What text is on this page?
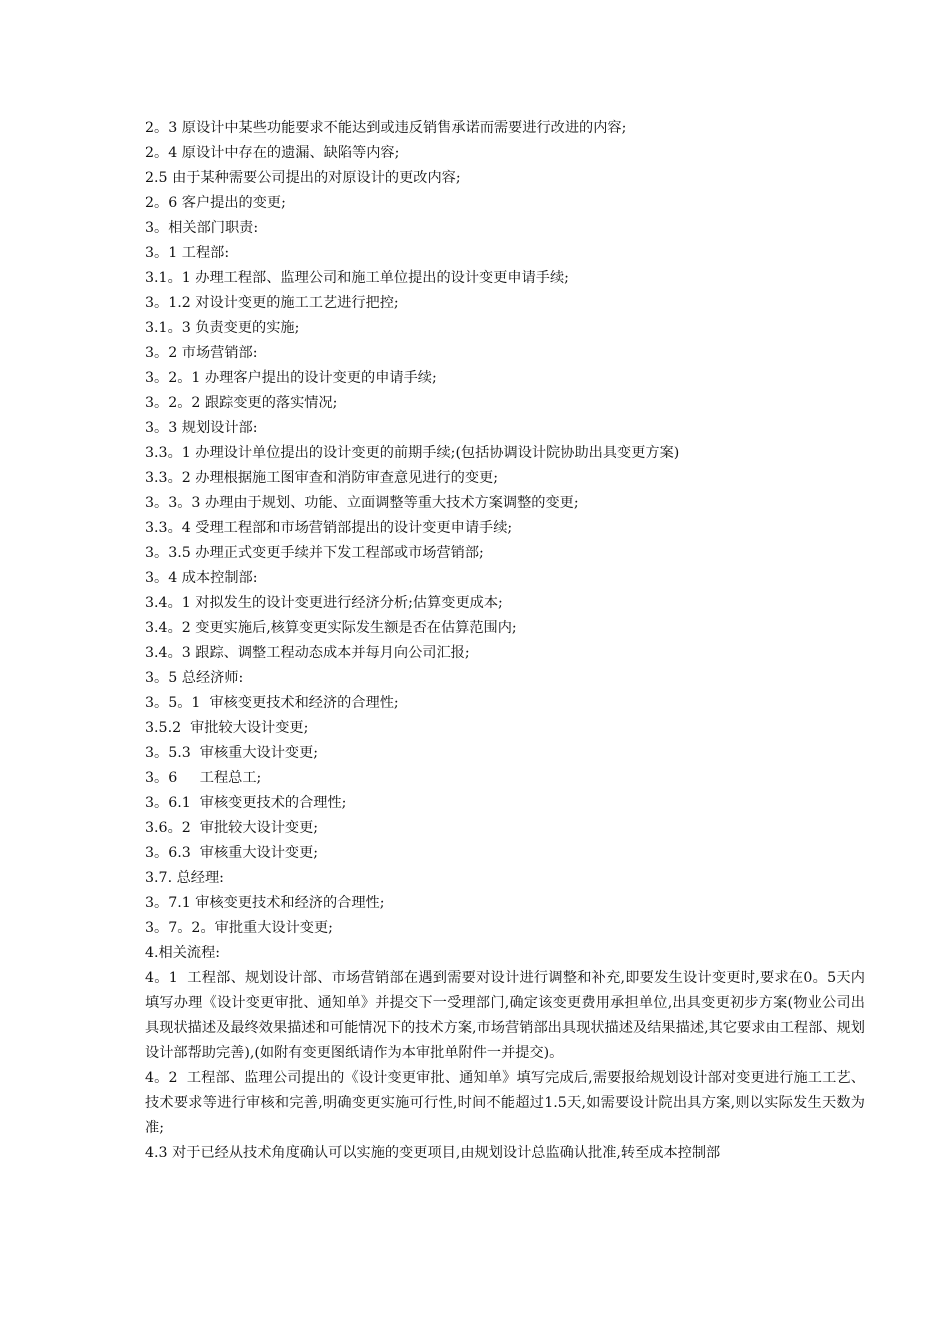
2。3 原设计中某些功能要求不能达到或违反销售承诺而需要进行改进的内容;
2。4 原设计中存在的遗漏、缺陷等内容;
2.5 由于某种需要公司提出的对原设计的更改内容;
2。6 客户提出的变更;
3。相关部门职责:
3。1 工程部:
3.1。1 办理工程部、监理公司和施工单位提出的设计变更申请手续;
3。1.2 对设计变更的施工工艺进行把控;
3.1。3 负责变更的实施;
3。2 市场营销部:
3。2。1 办理客户提出的设计变更的申请手续;
3。2。2 跟踪变更的落实情况;
3。3 规划设计部:
3.3。1 办理设计单位提出的设计变更的前期手续;(包括协调设计院协助出具变更方案)
3.3。2 办理根据施工图审查和消防审查意见进行的变更;
3。3。3 办理由于规划、功能、立面调整等重大技术方案调整的变更;
3.3。4 受理工程部和市场营销部提出的设计变更申请手续;
3。3.5 办理正式变更手续并下发工程部或市场营销部;
3。4 成本控制部:
3.4。1 对拟发生的设计变更进行经济分析;估算变更成本;
3.4。2 变更实施后,核算变更实际发生额是否在估算范围内;
3.4。3 跟踪、调整工程动态成本并每月向公司汇报;
3。5 总经济师:
3。5。1  审核变更技术和经济的合理性;
3.5.2  审批较大设计变更;
3。5.3  审核重大设计变更;
3。6     工程总工;
3。6.1  审核变更技术的合理性;
3.6。2  审批较大设计变更;
3。6.3  审核重大设计变更;
3.7. 总经理:
3。7.1 审核变更技术和经济的合理性;
3。7。2。审批重大设计变更;
4.相关流程:
4。1  工程部、规划设计部、市场营销部在遇到需要对设计进行调整和补充,即要发生设计变更时,要求在0。5天内填写办理《设计变更审批、通知单》并提交下一受理部门,确定该变更费用承担单位,出具变更初步方案(物业公司出具现状描述及最终效果描述和可能情况下的技术方案,市场营销部出具现状描述及结果描述,其它要求由工程部、规划设计部帮助完善),(如附有变更图纸请作为本审批单附件一并提交)。
4。2  工程部、监理公司提出的《设计变更审批、通知单》填写完成后,需要报给规划设计部对变更进行施工工艺、技术要求等进行审核和完善,明确变更实施可行性,时间不能超过1.5天,如需要设计院出具方案,则以实际发生天数为准;
4.3 对于已经从技术角度确认可以实施的变更项目,由规划设计总监确认批准,转至成本控制部
